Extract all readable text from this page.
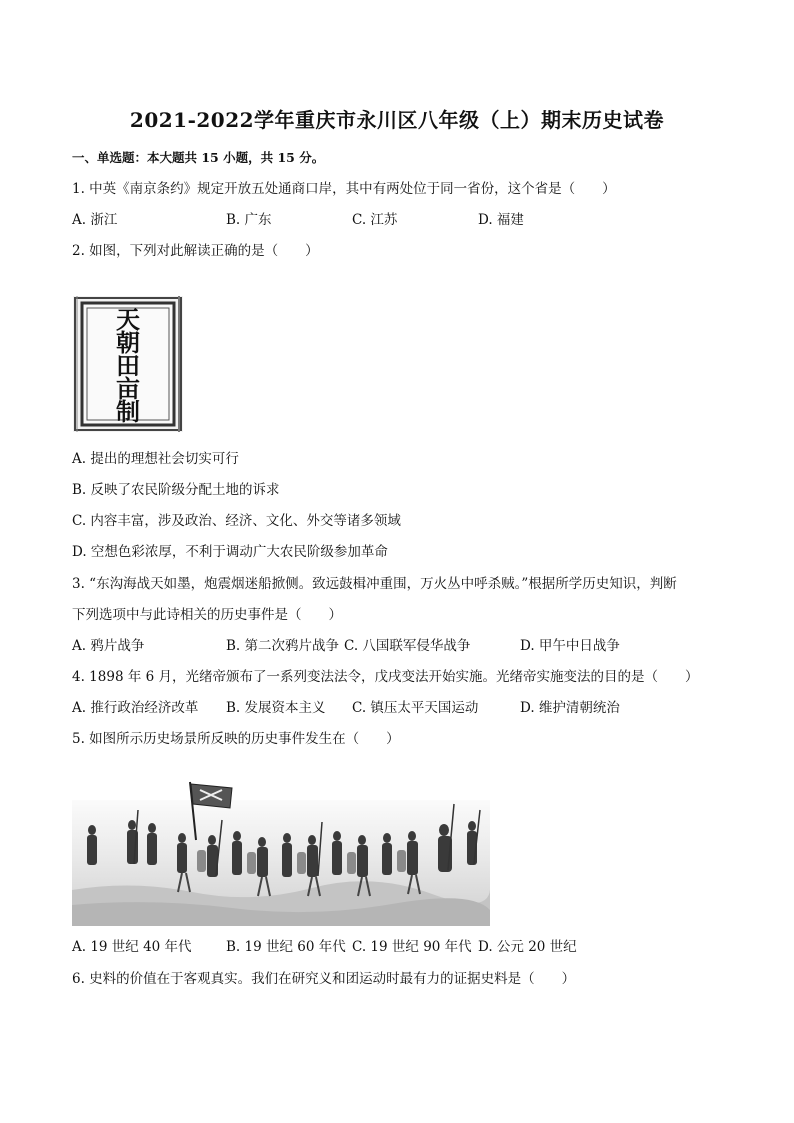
2021-2022学年重庆市永川区八年级（上）期末历史试卷
一、单选题：本大题共 15 小题，共 15 分。
1. 中英《南京条约》规定开放五处通商口岸，其中有两处位于同一省份，这个省是（　　）
A. 浙江	B. 广东	C. 江苏	D. 福建
2. 如图，下列对此解读正确的是（　　）
天
朝
田
亩
制
A. 提出的理想社会切实可行
B. 反映了农民阶级分配土地的诉求
C. 内容丰富，涉及政治、经济、文化、外交等诸多领域
D. 空想色彩浓厚，不利于调动广大农民阶级参加革命
3. “东沟海战天如墨，炮震烟迷船掀侧。致远鼓楫冲重围，万火丛中呼杀贼。”根据所学历史知识，判断
下列选项中与此诗相关的历史事件是（　　）
A. 鸦片战争	B. 第二次鸦片战争 C. 八国联军侵华战争	D. 甲午中日战争
4. 1898 年 6 月，光绪帝颁布了一系列变法法令，戊戌变法开始实施。光绪帝实施变法的目的是（　　）
A. 推行政治经济改革 B. 发展资本主义 C. 镇压太平天国运动	D. 维护清朝统治
5. 如图所示历史场景所反映的历史事件发生在（　　）
A. 19 世纪 40 年代	B. 19 世纪 60 年代 C. 19 世纪 90 年代 D. 公元 20 世纪
6. 史料的价值在于客观真实。我们在研究义和团运动时最有力的证据史料是（　　）
